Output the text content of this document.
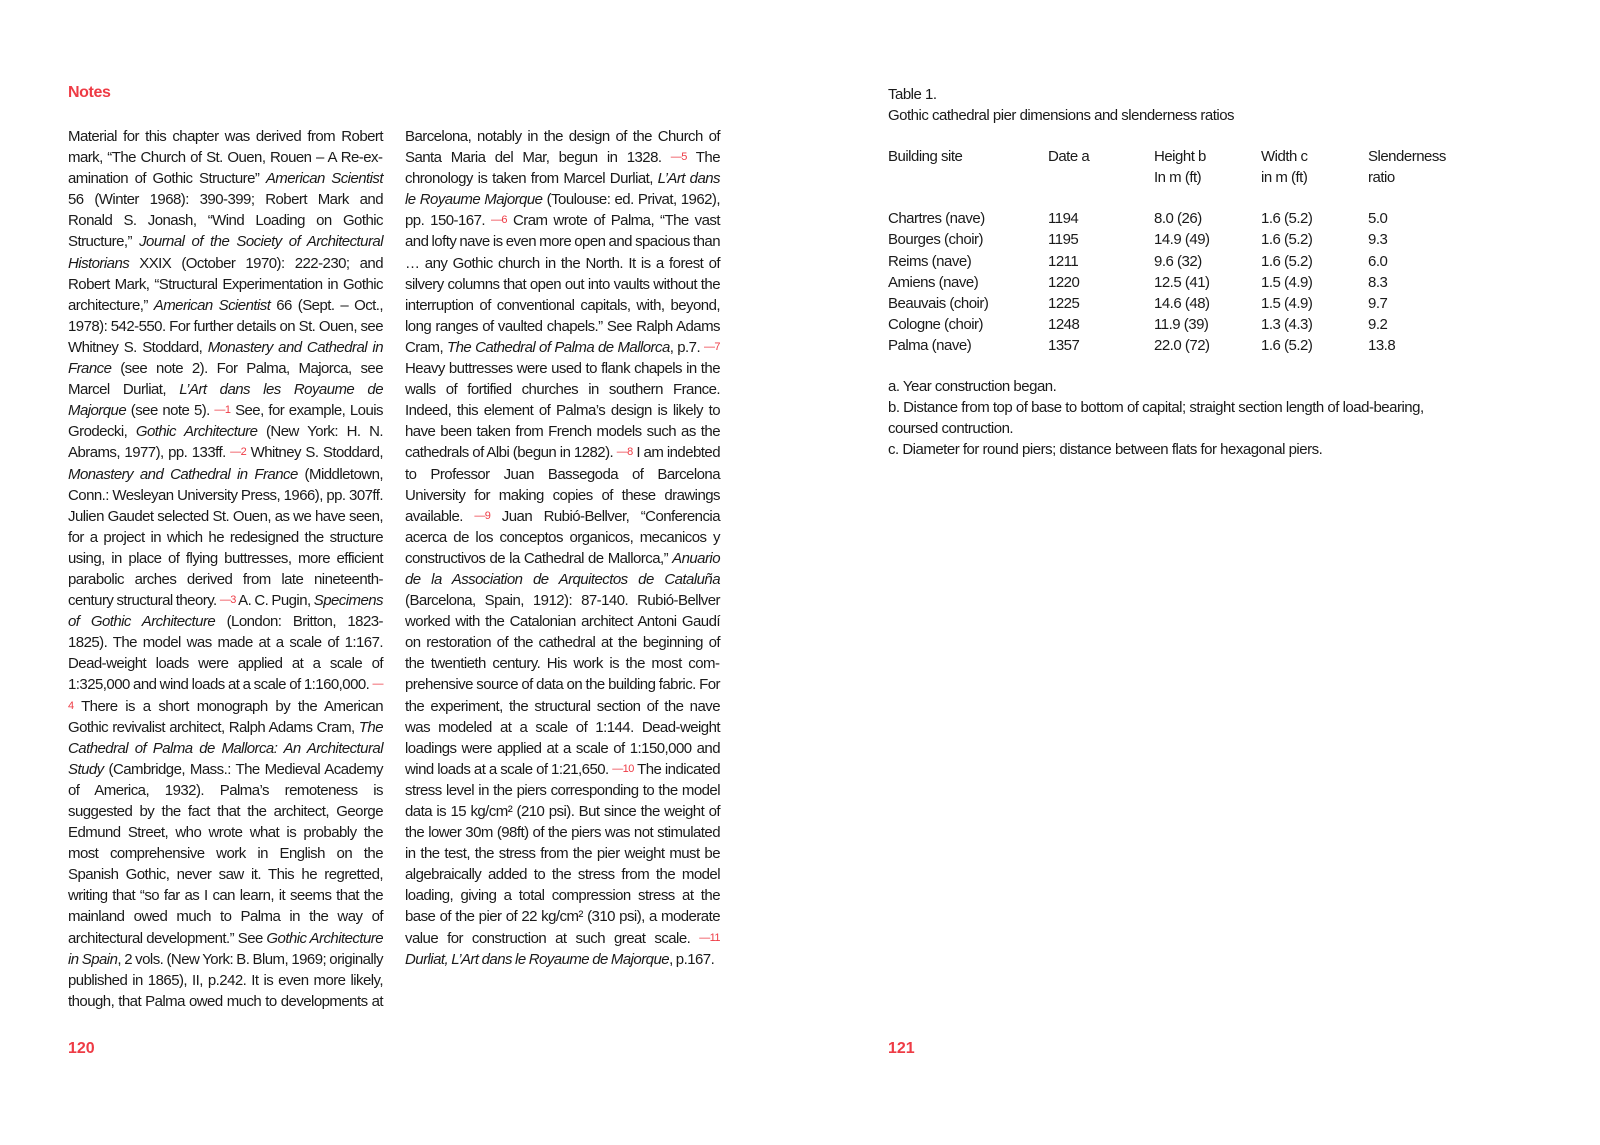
Notes
Material for this chapter was derived from Robert mark, “The Church of St. Ouen, Rouen – A Re-examination of Gothic Structure” American Scientist 56 (Winter 1968): 390-399; Robert Mark and Ronald S. Jonash, “Wind Loading on Gothic Structure,” Journal of the Society of Architectural Historians XXIX (October 1970): 222-230; and Robert Mark, “Structural Experimentation in Gothic architecture,” American Scientist 66 (Sept. – Oct., 1978): 542-550. For further details on St. Ouen, see Whitney S. Stoddard, Monastery and Cathedral in France (see note 2). For Palma, Majorca, see Marcel Durliat, L’Art dans les Royaume de Majorque (see note 5). —1 See, for example, Louis Grodecki, Gothic Architecture (New York: H. N. Abrams, 1977), pp. 133ff. —2 Whitney S. Stoddard, Monastery and Cathedral in France (Middletown, Conn.: Wesleyan University Press, 1966), pp. 307ff. Julien Gaudet selected St. Ouen, as we have seen, for a project in which he redesigned the structure using, in place of flying buttresses, more efficient parabolic arches derived from late nineteenth-century structural theory. —3 A. C. Pugin, Specimens of Gothic Architecture (London: Britton, 1823- 1825). The model was made at a scale of 1:167. Dead-weight loads were applied at a scale of 1:325,000 and wind loads at a scale of 1:160,000. —4 There is a short monograph by the American Gothic revivalist architect, Ralph Adams Cram, The Cathedral of Palma de Mallorca: An Architectural Study (Cambridge, Mass.: The Medieval Academy of America, 1932). Palma’s remoteness is suggested by the fact that the architect, George Edmund Street, who wrote what is probably the most comprehensive work in English on the Spanish Gothic, never saw it. This he regretted, writing that “so far as I can learn, it seems that the mainland owed much to Palma in the way of architectural development.” See Gothic Architecture in Spain, 2 vols. (New York: B. Blum, 1969; originally published in 1865), II, p.242. It is even more likely, though, that Palma owed much to developments at Barcelona, notably in the design of the Church of Santa Maria del Mar, begun in 1328. —5 The chronology is taken from Marcel Durliat, L’Art dans le Royaume Majorque (Toulouse: ed. Privat, 1962), pp. 150-167. —6 Cram wrote of Palma, “The vast and lofty nave is even more open and spacious than … any Gothic church in the North. It is a forest of silvery columns that open out into vaults without the interruption of conventional capitals, with, beyond, long ranges of vaulted chapels.” See Ralph Adams Cram, The Cathedral of Palma de Mallorca, p.7. —7 Heavy buttresses were used to flank chapels in the walls of fortified churches in southern France. Indeed, this element of Palma’s design is likely to have been taken from French models such as the cathedrals of Albi (begun in 1282). —8 I am indebted to Professor Juan Bassegoda of Barcelona University for making copies of these drawings available. —9 Juan Rubió-Bellver, “Conferencia acerca de los conceptos organicos, mecanicos y constructivos de la Cathedral de Mallorca,” Anuario de la Association de Arquitectos de Cataluña (Barcelona, Spain, 1912): 87-140. Rubió-Bellver worked with the Catalonian architect Antoni Gaudí on restoration of the cathedral at the beginning of the twentieth century. His work is the most comprehensive source of data on the building fabric. For the experiment, the structural section of the nave was modeled at a scale of 1:144. Dead-weight loadings were applied at a scale of 1:150,000 and wind loads at a scale of 1:21,650. —10 The indicated stress level in the piers corresponding to the model data is 15 kg/cm² (210 psi). But since the weight of the lower 30m (98ft) of the piers was not stimulated in the test, the stress from the pier weight must be algebraically added to the stress from the model loading, giving a total compression stress at the base of the pier of 22 kg/cm² (310 psi), a moderate value for construction at such great scale. —11 Durliat, L’Art dans le Royaume de Majorque, p.167.
Table 1.
Gothic cathedral pier dimensions and slenderness ratios
Building site	Date a	Height b	Width c	Slenderness
		In m (ft)	in m (ft)	ratio
Chartres (nave)	1194	8.0 (26)	1.6 (5.2)	5.0
Bourges (choir)	1195	14.9 (49)	1.6 (5.2)	9.3
Reims (nave)	1211	9.6 (32)	1.6 (5.2)	6.0
Amiens (nave)	1220	12.5 (41)	1.5 (4.9)	8.3
Beauvais (choir)	1225	14.6 (48)	1.5 (4.9)	9.7
Cologne (choir)	1248	11.9 (39)	1.3 (4.3)	9.2
Palma (nave)	1357	22.0 (72)	1.6 (5.2)	13.8
a. Year construction began.
b. Distance from top of base to bottom of capital; straight section length of load-bearing, coursed contruction.
c. Diameter for round piers; distance between flats for hexagonal piers.
120	121
